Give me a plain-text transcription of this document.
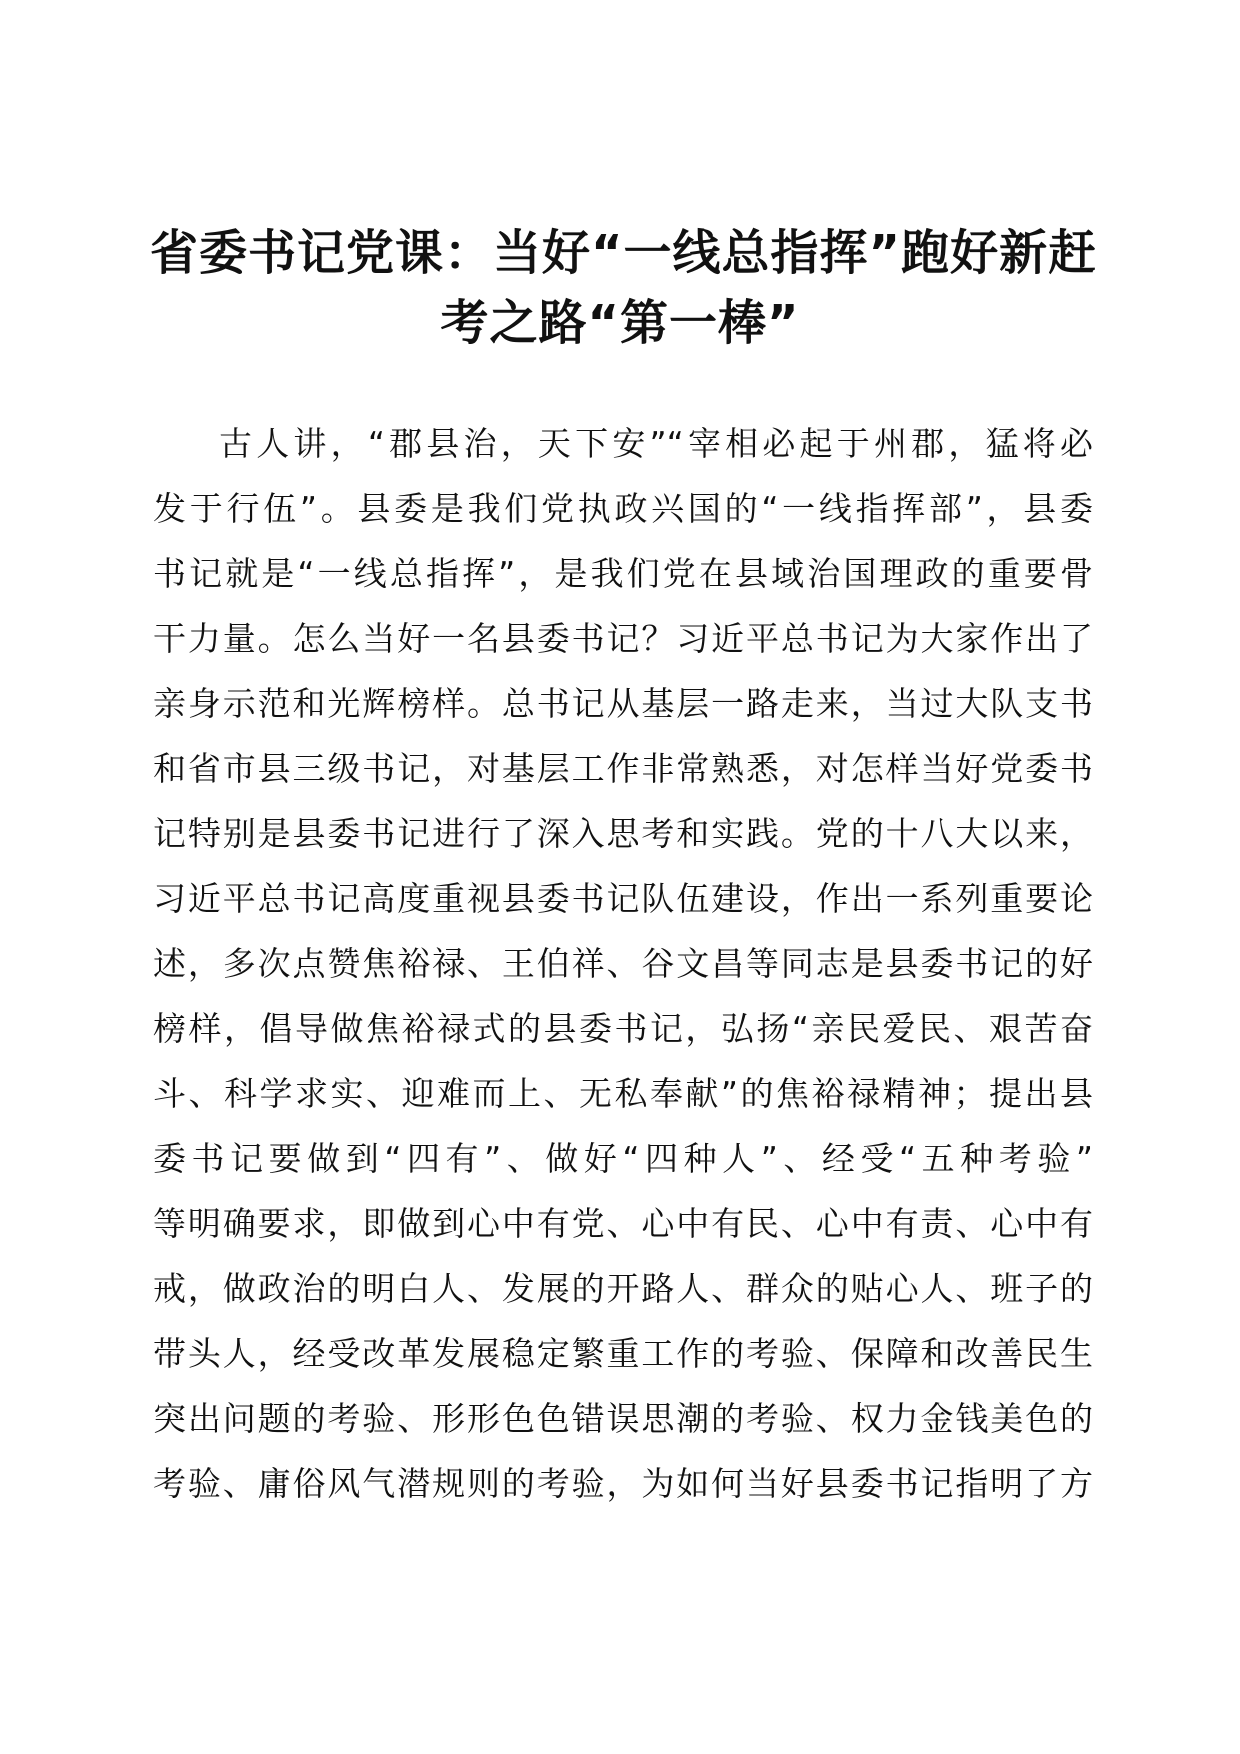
省委书记党课：当好“一线总指挥”跑好新赶
考之路“第一棒”
古人讲，“郡县治，天下安”“宰相必起于州郡，猛将必
发于行伍”。县委是我们党执政兴国的“一线指挥部”，县委
书记就是“一线总指挥”，是我们党在县域治国理政的重要骨
干力量。怎么当好一名县委书记？习近平总书记为大家作出了
亲身示范和光辉榜样。总书记从基层一路走来，当过大队支书
和省市县三级书记，对基层工作非常熟悉，对怎样当好党委书
记特别是县委书记进行了深入思考和实践。党的十八大以来，
习近平总书记高度重视县委书记队伍建设，作出一系列重要论
述，多次点赞焦裕禄、王伯祥、谷文昌等同志是县委书记的好
榜样，倡导做焦裕禄式的县委书记，弘扬“亲民爱民、艰苦奋
斗、科学求实、迎难而上、无私奉献”的焦裕禄精神；提出县
委书记要做到“四有”、做好“四种人”、经受“五种考验”
等明确要求，即做到心中有党、心中有民、心中有责、心中有
戒，做政治的明白人、发展的开路人、群众的贴心人、班子的
带头人，经受改革发展稳定繁重工作的考验、保障和改善民生
突出问题的考验、形形色色错误思潮的考验、权力金钱美色的
考验、庸俗风气潜规则的考验，为如何当好县委书记指明了方
